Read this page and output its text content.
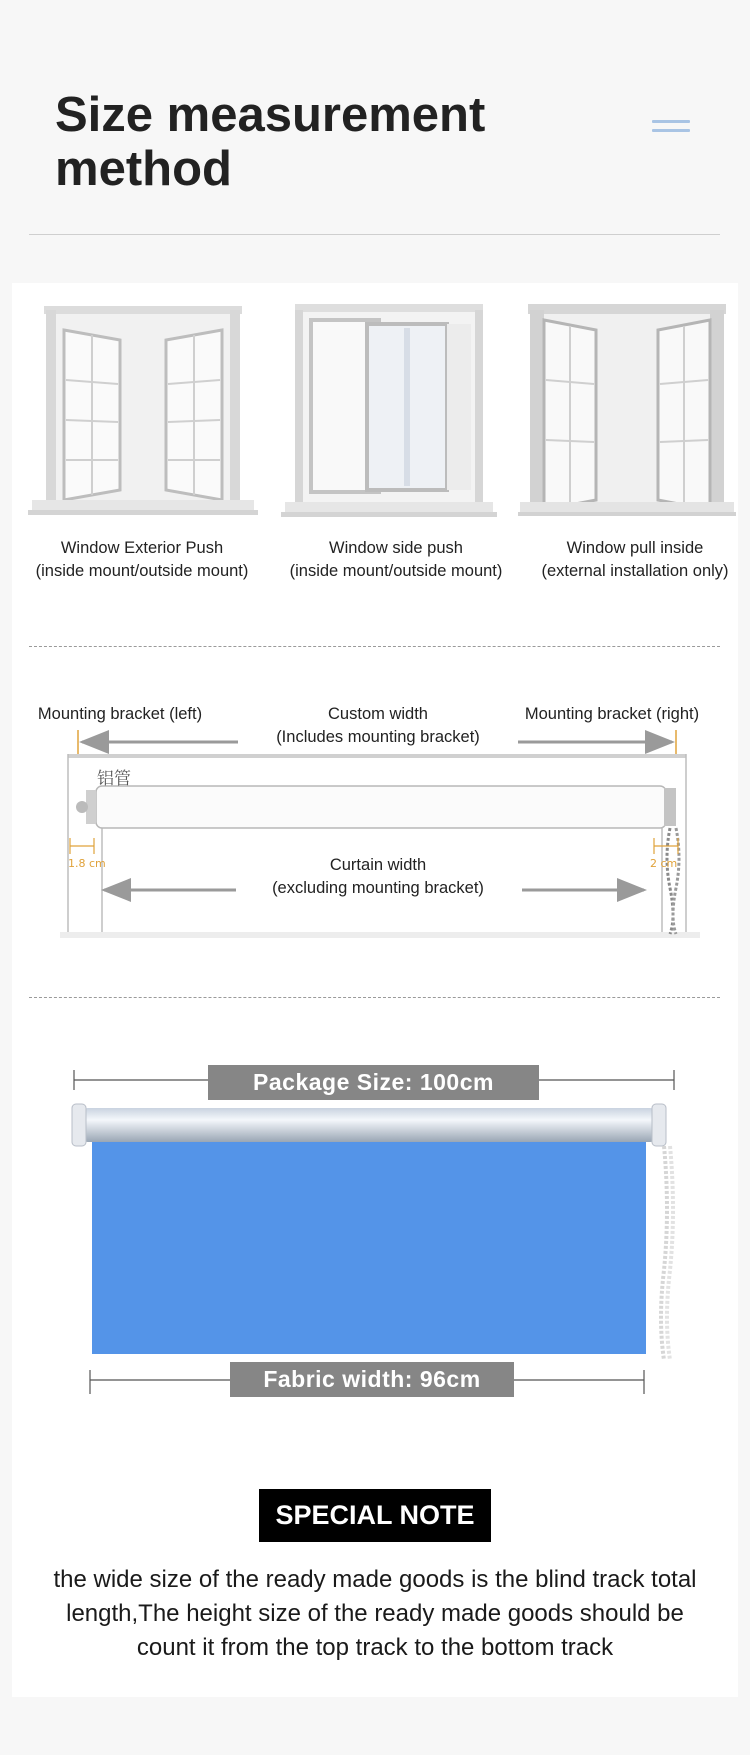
Size measurement method
Window Exterior Push
(inside mount/outside mount)
Window side push
(inside mount/outside mount)
Window pull inside
(external installation only)
Mounting bracket (left)	Mounting bracket (right)
Custom width
(Includes mounting bracket)
铝管
1.8 cm	2 cm
Curtain width
(excluding mounting bracket)
Package Size: 100cm
Fabric width: 96cm
SPECIAL NOTE
the wide size of the ready made goods is the blind track total
length,The height size of the ready made goods should be
count it from the top track to the bottom track
